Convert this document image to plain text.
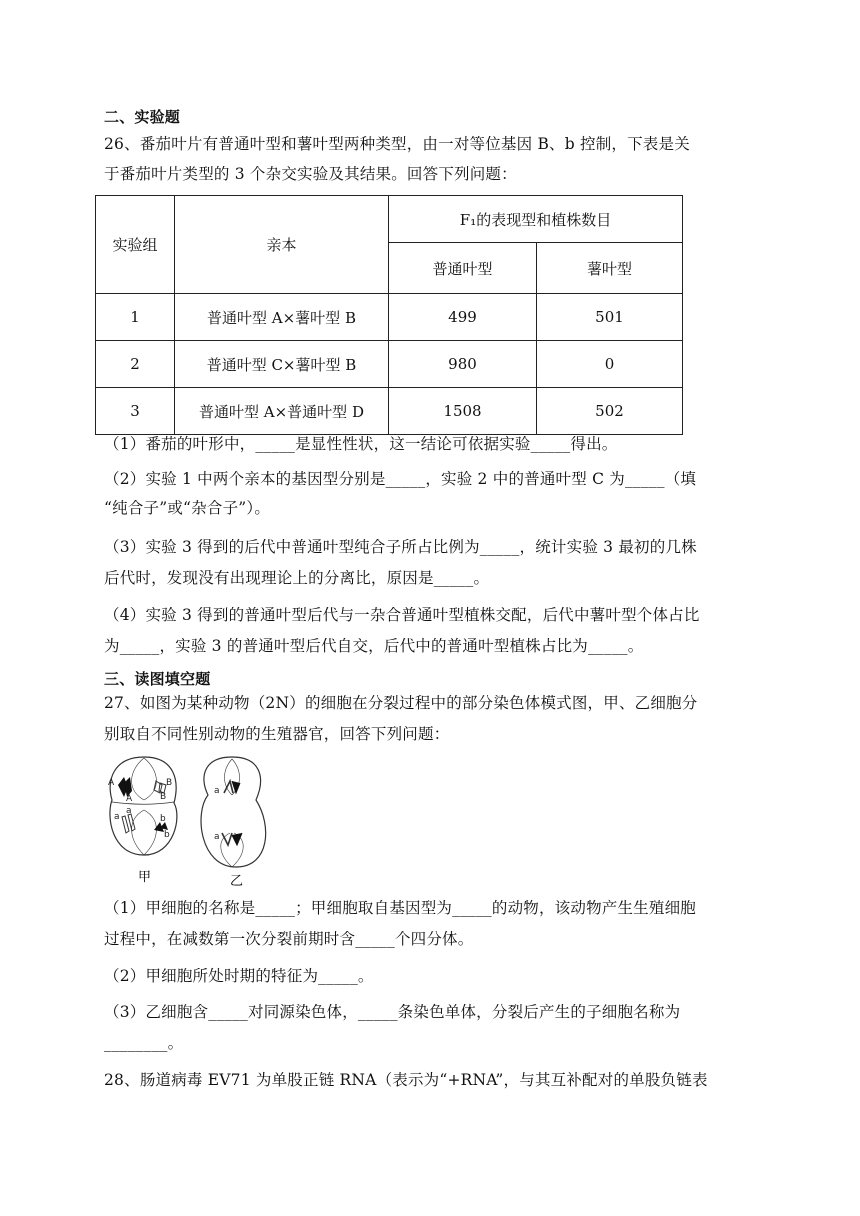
二、实验题
26、番茄叶片有普通叶型和薯叶型两种类型，由一对等位基因 B、b 控制，下表是关
于番茄叶片类型的 3 个杂交实验及其结果。回答下列问题：
实验组	亲本	F₁的表现型和植株数目	
		普通叶型	薯叶型
1	普通叶型 A×薯叶型 B	499	501
2	普通叶型 C×薯叶型 B	980	0
3	普通叶型 A×普通叶型 D	1508	502
（1）番茄的叶形中，_____是显性性状，这一结论可依据实验_____得出。
（2）实验 1 中两个亲本的基因型分别是_____，实验 2 中的普通叶型 C 为_____（填
“纯合子”或“杂合子”）。
（3）实验 3 得到的后代中普通叶型纯合子所占比例为_____，统计实验 3 最初的几株
后代时，发现没有出现理论上的分离比，原因是_____。
（4）实验 3 得到的普通叶型后代与一杂合普通叶型植株交配，后代中薯叶型个体占比
为_____，实验 3 的普通叶型后代自交，后代中的普通叶型植株占比为_____。
三、读图填空题
27、如图为某种动物（2N）的细胞在分裂过程中的部分染色体模式图，甲、乙细胞分
别取自不同性别动物的生殖器官，回答下列问题：
A
A
B
B
a
a
b
b
甲
a
a
乙
（1）甲细胞的名称是_____；甲细胞取自基因型为_____的动物，该动物产生生殖细胞
过程中，在减数第一次分裂前期时含_____个四分体。
（2）甲细胞所处时期的特征为_____。
（3）乙细胞含_____对同源染色体，_____条染色单体，分裂后产生的子细胞名称为
________。
28、肠道病毒 EV71 为单股正链 RNA（表示为“+RNA”，与其互补配对的单股负链表
